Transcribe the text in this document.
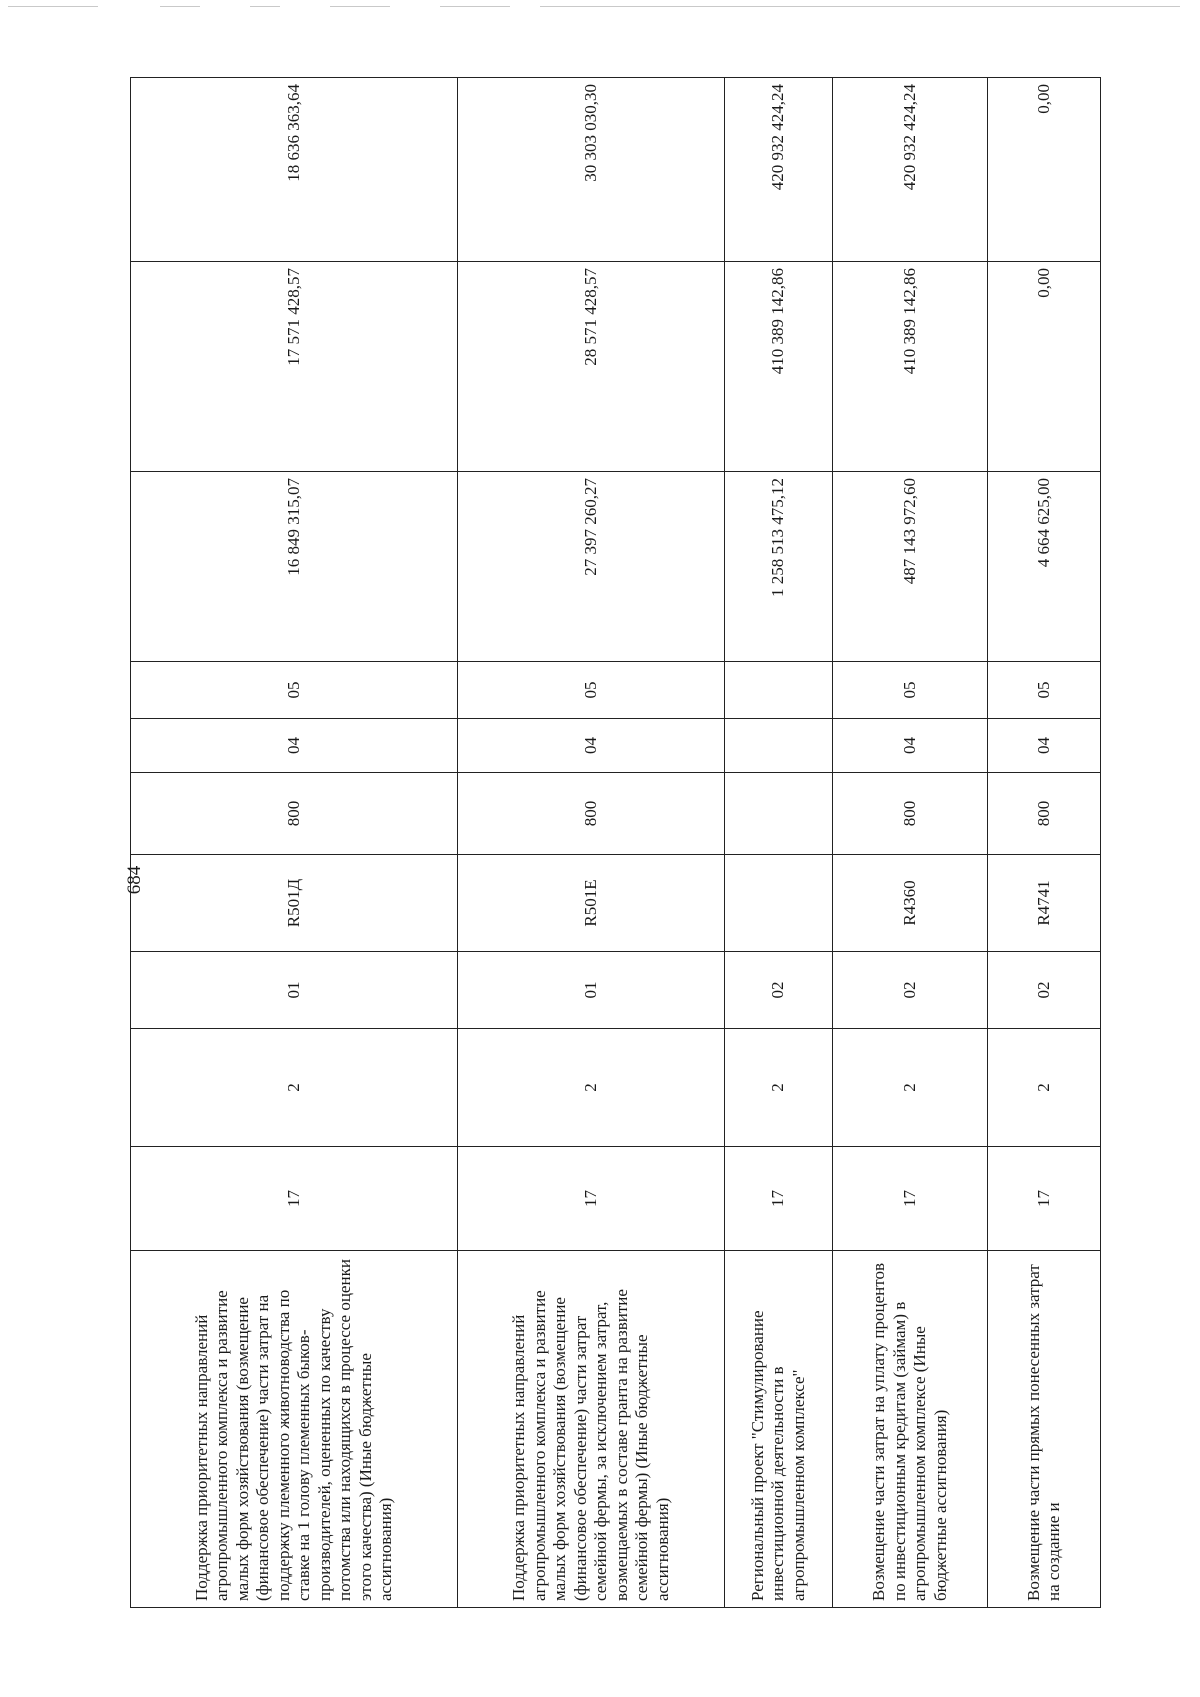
684
Поддержка приоритетных направлений агропромышленного комплекса и развитие малых форм хозяйствования (возмещение (финансовое обеспечение) части затрат на поддержку племенного животноводства по ставке на 1 голову племенных быков-производителей, оцененных по качеству потомства или находящихся в процессе оценки этого качества) (Иные бюджетные ассигнования)	17	2	01	R501Д	800	04	05	16 849 315,07	17 571 428,57	18 636 363,64
Поддержка приоритетных направлений агропромышленного комплекса и развитие малых форм хозяйствования (возмещение (финансовое обеспечение) части затрат семейной фермы, за исключением затрат, возмещаемых в составе гранта на развитие семейной фермы) (Иные бюджетные ассигнования)	17	2	01	R501E	800	04	05	27 397 260,27	28 571 428,57	30 303 030,30
Региональный проект "Стимулирование инвестиционной деятельности в агропромышленном комплексе"	17	2	02					1 258 513 475,12	410 389 142,86	420 932 424,24
Возмещение части затрат на уплату процентов по инвестиционным кредитам (займам) в агропромышленном комплексе (Иные бюджетные ассигнования)	17	2	02	R4360	800	04	05	487 143 972,60	410 389 142,86	420 932 424,24
Возмещение части прямых понесенных затрат на создание и	17	2	02	R4741	800	04	05	4 664 625,00	0,00	0,00
